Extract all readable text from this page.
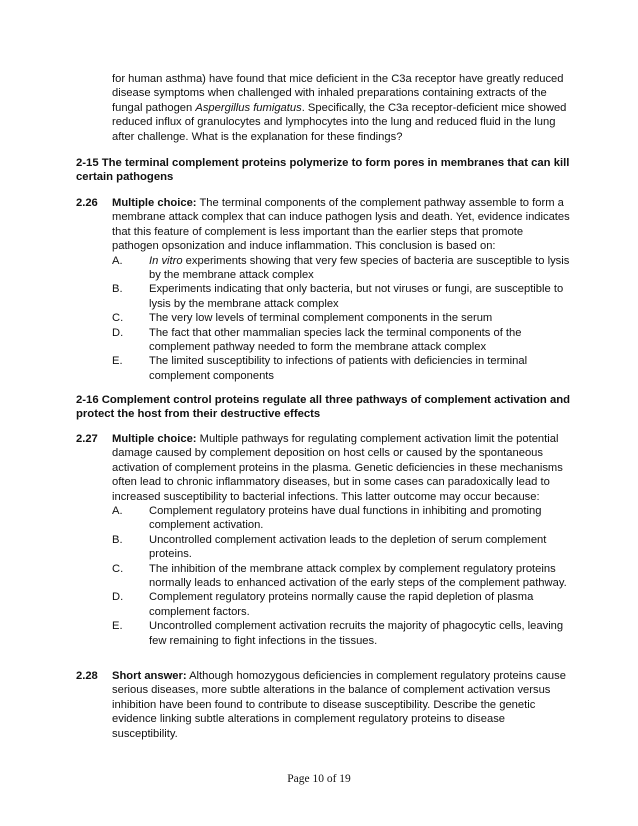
for human asthma) have found that mice deficient in the C3a receptor have greatly reduced disease symptoms when challenged with inhaled preparations containing extracts of the fungal pathogen Aspergillus fumigatus. Specifically, the C3a receptor-deficient mice showed reduced influx of granulocytes and lymphocytes into the lung and reduced fluid in the lung after challenge. What is the explanation for these findings?
2-15 The terminal complement proteins polymerize to form pores in membranes that can kill certain pathogens
2.26 Multiple choice: The terminal components of the complement pathway assemble to form a membrane attack complex that can induce pathogen lysis and death. Yet, evidence indicates that this feature of complement is less important than the earlier steps that promote pathogen opsonization and induce inflammation. This conclusion is based on:
A.	In vitro experiments showing that very few species of bacteria are susceptible to lysis by the membrane attack complex
B.	Experiments indicating that only bacteria, but not viruses or fungi, are susceptible to lysis by the membrane attack complex
C.	The very low levels of terminal complement components in the serum
D.	The fact that other mammalian species lack the terminal components of the complement pathway needed to form the membrane attack complex
E.	The limited susceptibility to infections of patients with deficiencies in terminal complement components
2-16 Complement control proteins regulate all three pathways of complement activation and protect the host from their destructive effects
2.27 Multiple choice: Multiple pathways for regulating complement activation limit the potential damage caused by complement deposition on host cells or caused by the spontaneous activation of complement proteins in the plasma. Genetic deficiencies in these mechanisms often lead to chronic inflammatory diseases, but in some cases can paradoxically lead to increased susceptibility to bacterial infections. This latter outcome may occur because:
A.	Complement regulatory proteins have dual functions in inhibiting and promoting complement activation.
B.	Uncontrolled complement activation leads to the depletion of serum complement proteins.
C.	The inhibition of the membrane attack complex by complement regulatory proteins normally leads to enhanced activation of the early steps of the complement pathway.
D.	Complement regulatory proteins normally cause the rapid depletion of plasma complement factors.
E.	Uncontrolled complement activation recruits the majority of phagocytic cells, leaving few remaining to fight infections in the tissues.
2.28 Short answer: Although homozygous deficiencies in complement regulatory proteins cause serious diseases, more subtle alterations in the balance of complement activation versus inhibition have been found to contribute to disease susceptibility. Describe the genetic evidence linking subtle alterations in complement regulatory proteins to disease susceptibility.
Page 10 of 19
